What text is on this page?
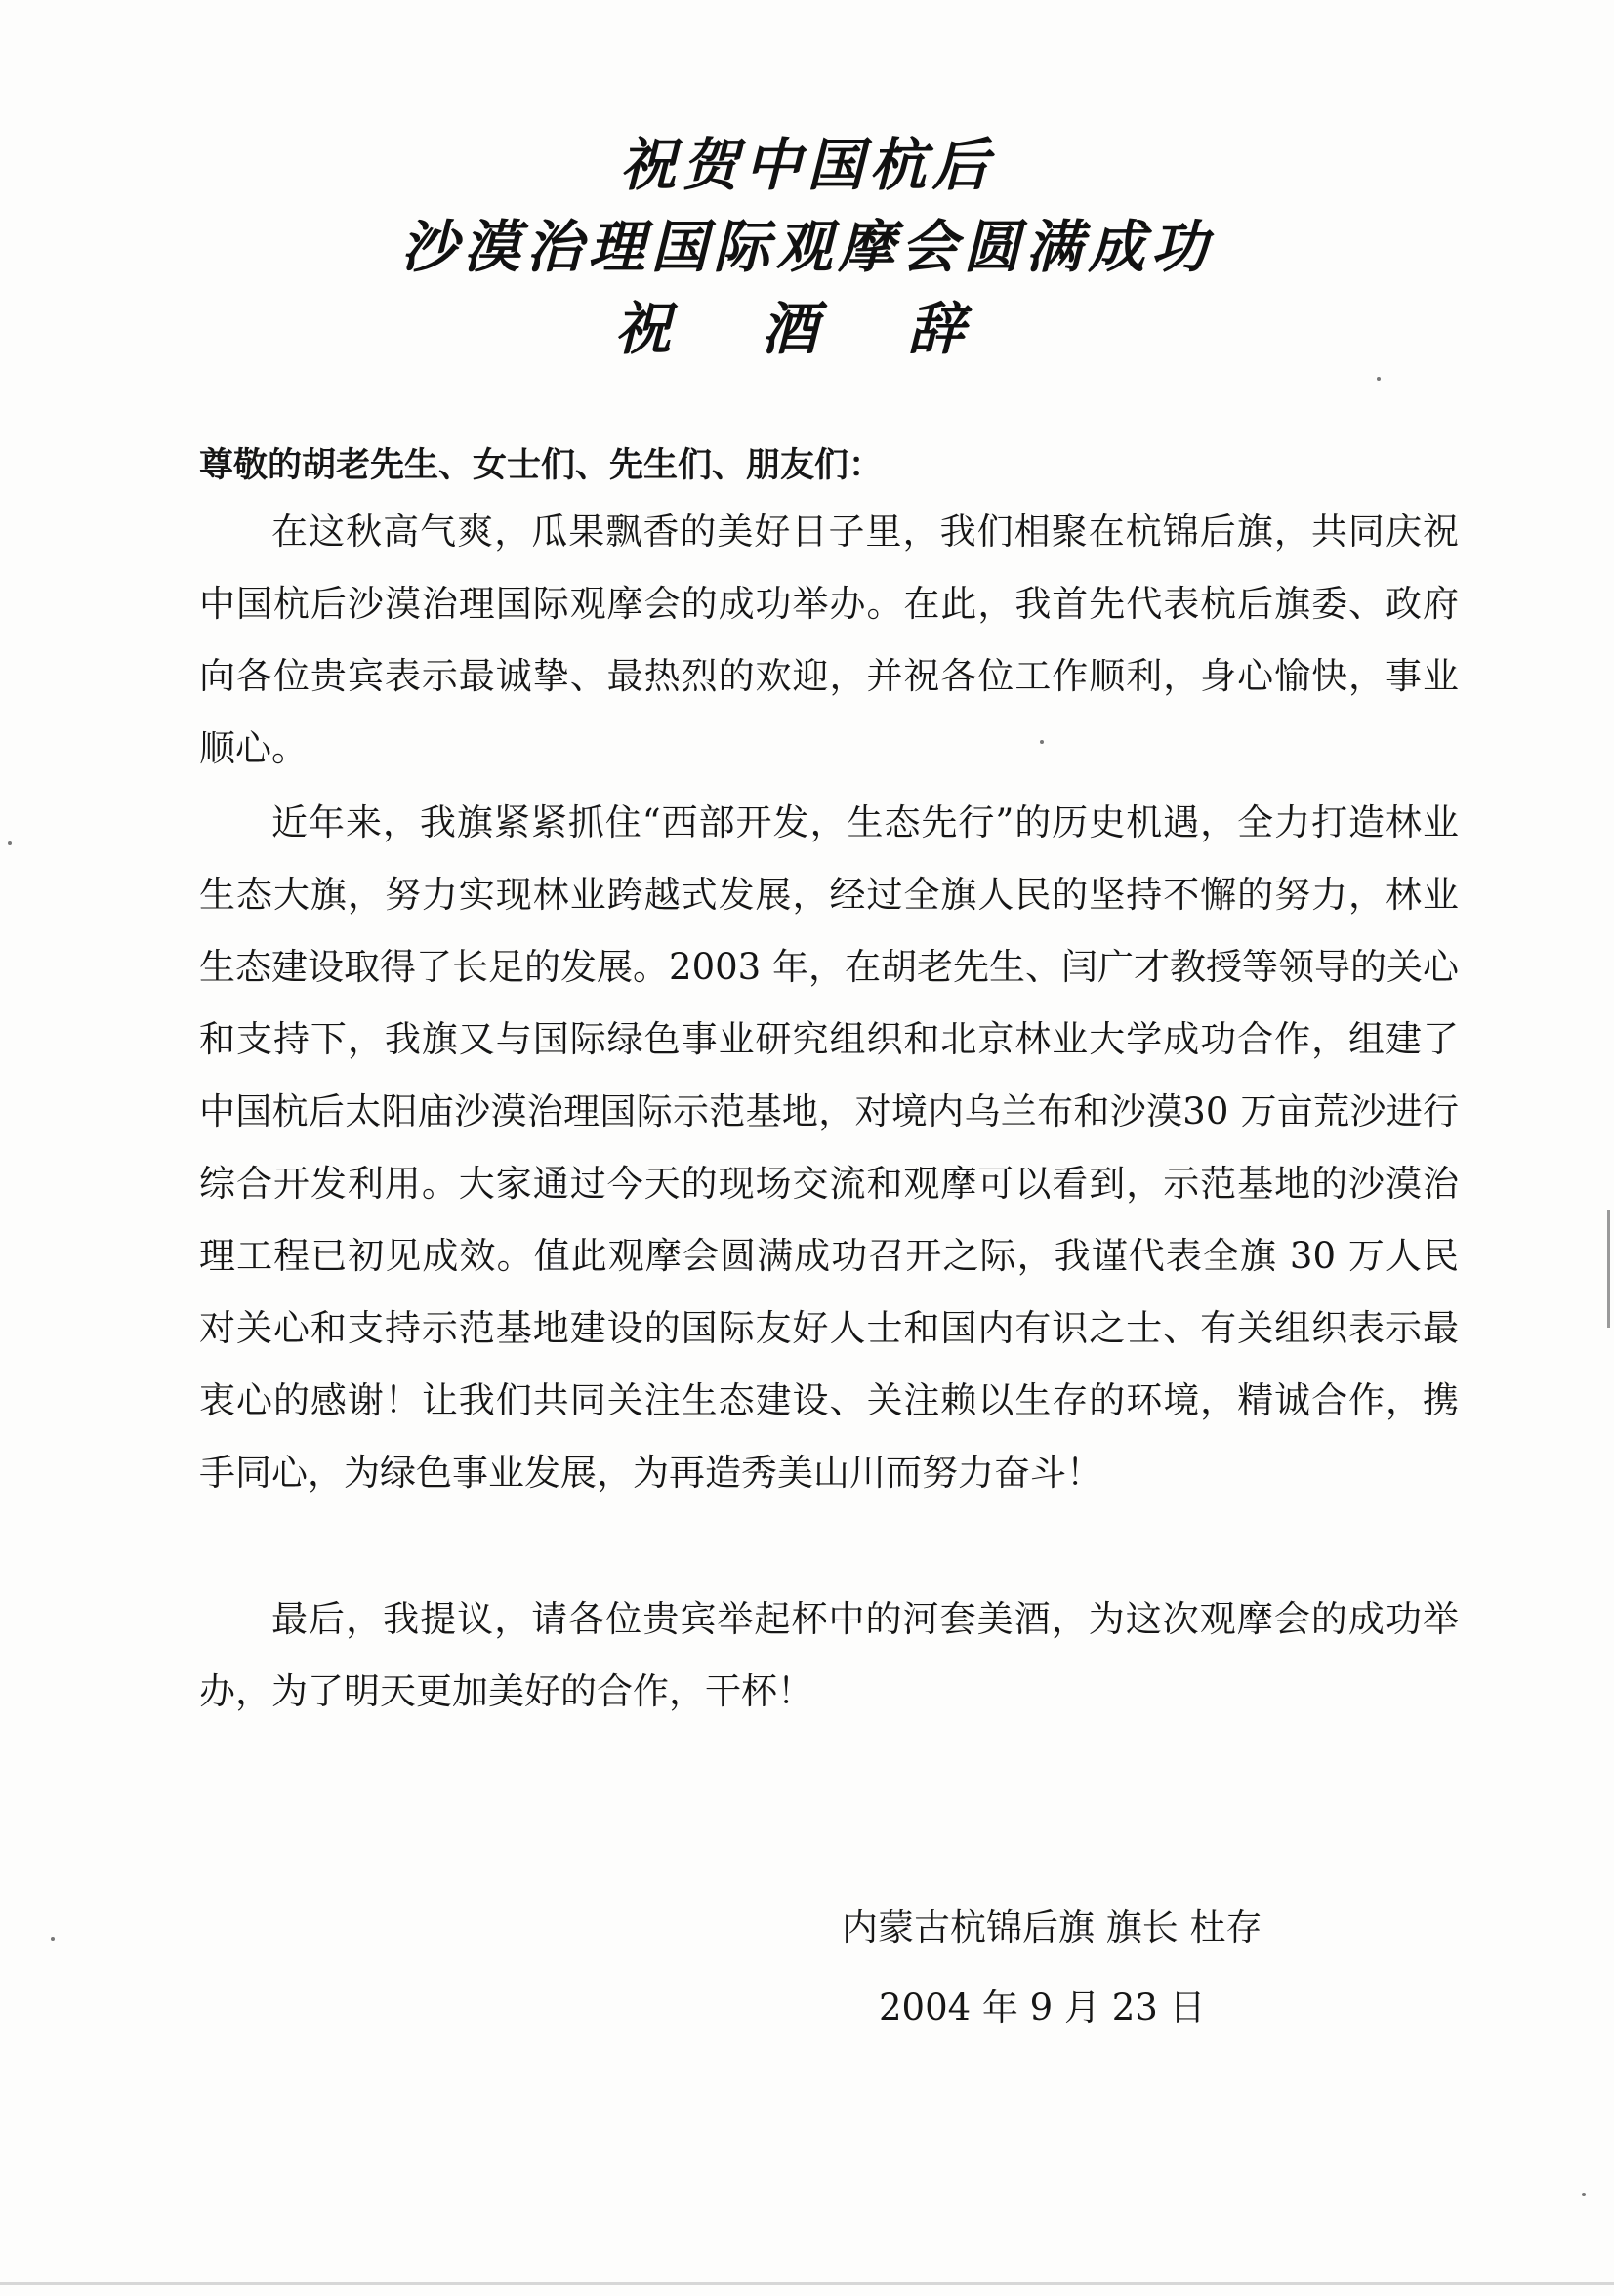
祝贺中国杭后
沙漠治理国际观摩会圆满成功
祝 酒 辞
尊敬的胡老先生、女士们、先生们、朋友们：

在这秋高气爽，瓜果飘香的美好日子里，我们相聚在杭锦后旗，共同庆祝中国杭后沙漠治理国际观摩会的成功举办。在此，我首先代表杭后旗委、政府向各位贵宾表示最诚挚、最热烈的欢迎，并祝各位工作顺利，身心愉快，事业顺心。

近年来，我旗紧紧抓住“西部开发，生态先行”的历史机遇，全力打造林业生态大旗，努力实现林业跨越式发展，经过全旗人民的坚持不懈的努力，林业生态建设取得了长足的发展。2003 年，在胡老先生、闫广才教授等领导的关心和支持下，我旗又与国际绿色事业研究组织和北京林业大学成功合作，组建了中国杭后太阳庙沙漠治理国际示范基地，对境内乌兰布和沙漠30 万亩荒沙进行综合开发利用。大家通过今天的现场交流和观摩可以看到，示范基地的沙漠治理工程已初见成效。值此观摩会圆满成功召开之际，我谨代表全旗 30 万人民对关心和支持示范基地建设的国际友好人士和国内有识之士、有关组织表示最衷心的感谢！让我们共同关注生态建设、关注赖以生存的环境，精诚合作，携手同心，为绿色事业发展，为再造秀美山川而努力奋斗！

最后，我提议，请各位贵宾举起杯中的河套美酒，为这次观摩会的成功举办，为了明天更加美好的合作，干杯！

内蒙古杭锦后旗 旗长 杜存
2004 年 9 月 23 日
